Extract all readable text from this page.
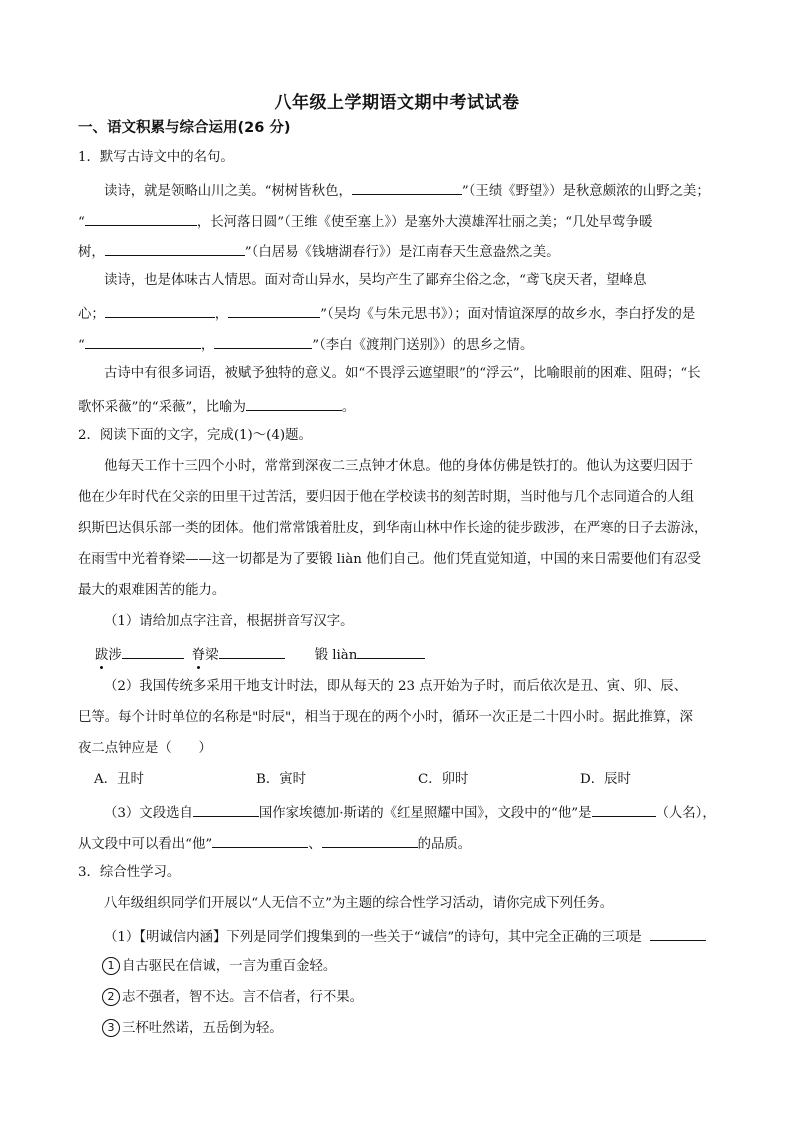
八年级上学期语文期中考试试卷
一、语文积累与综合运用(26 分)
1．默写古诗文中的名句。
读诗，就是领略山川之美。“树树皆秋色，	”（王绩《野望》）是秋意颇浓的山野之美；
“	，长河落日圆”（王维《使至塞上》）是塞外大漠雄浑壮丽之美；“几处早莺争暖
树，	”（白居易《钱塘湖春行》）是江南春天生意盎然之美。
读诗，也是体味古人情思。面对奇山异水，吴均产生了鄙弃尘俗之念，“鸢飞戾天者，望峰息
心；	，	”（吴均《与朱元思书》）；面对情谊深厚的故乡水，李白抒发的是
“	，	”（李白《渡荆门送别》）的思乡之情。
古诗中有很多词语，被赋予独特的意义。如“不畏浮云遮望眼”的“浮云”，比喻眼前的困难、阻碍；“长
歌怀采薇”的“采薇”，比喻为	。
2．阅读下面的文字，完成(1)～(4)题。
他每天工作十三四个小时，常常到深夜二三点钟才休息。他的身体仿佛是铁打的。他认为这要归因于
他在少年时代在父亲的田里干过苦活，要归因于他在学校读书的刻苦时期，当时他与几个志同道合的人组
织斯巴达俱乐部一类的团体。他们常常饿着肚皮，到华南山林中作长途的徒步跋涉，在严寒的日子去游泳，
在雨雪中光着脊梁——这一切都是为了要锻 liàn 他们自己。他们凭直觉知道，中国的来日需要他们有忍受
最大的艰难困苦的能力。
（1）请给加点字注音，根据拼音写汉字。
跋涉	脊梁	锻 liàn
（2）我国传统多采用干地支计时法，即从每天的 23 点开始为子时，而后依次是丑、寅、卯、辰、
巳等。每个计时单位的名称是"时辰"，相当于现在的两个小时，循环一次正是二十四小时。据此推算，深
夜二点钟应是（　　）
A．丑时	B．寅时	C．卯时	D．辰时
（3）文段选自	国作家埃德加·斯诺的《红星照耀中国》，文段中的“他”是	（人名），
从文段中可以看出“他”	、	的品质。
3．综合性学习。
八年级组织同学们开展以“人无信不立”为主题的综合性学习活动，请你完成下列任务。
（1）【明诚信内涵】下列是同学们搜集到的一些关于“诚信”的诗句，其中完全正确的三项是
1 自古驱民在信诚，一言为重百金轻。
2 志不强者，智不达。言不信者，行不果。
3 三杯吐然诺，五岳倒为轻。
